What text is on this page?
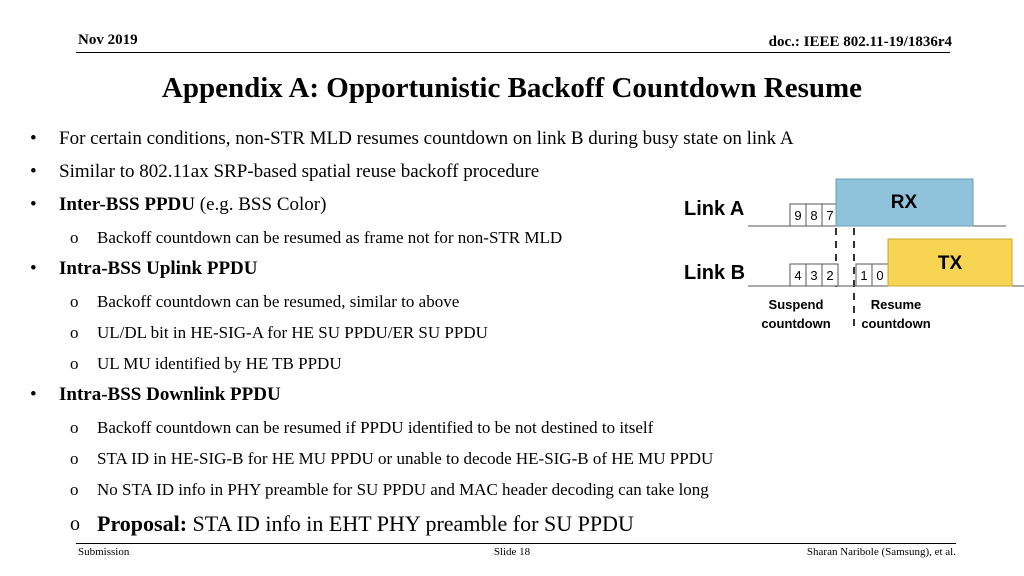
Nov 2019	doc.: IEEE 802.11-19/1836r4
Appendix A: Opportunistic Backoff Countdown Resume
• For certain conditions, non-STR MLD resumes countdown on link B during busy state on link A
• Similar to 802.11ax SRP-based spatial reuse backoff procedure
• Inter-BSS PPDU (e.g. BSS Color)
o Backoff countdown can be resumed as frame not for non-STR MLD
• Intra-BSS Uplink PPDU
o Backoff countdown can be resumed, similar to above
o UL/DL bit in HE-SIG-A for HE SU PPDU/ER SU PPDU
o UL MU identified by HE TB PPDU
• Intra-BSS Downlink PPDU
o Backoff countdown can be resumed if PPDU identified to be not destined to itself
o STA ID in HE-SIG-B for HE MU PPDU or unable to decode HE-SIG-B of HE MU PPDU
o No STA ID info in PHY preamble for SU PPDU and MAC header decoding can take long
o Proposal: STA ID info in EHT PHY preamble for SU PPDU
Link A	9 8 7
RX
Link B	4 3 2 1 0
TX
Suspend
countdown
Resume
countdown
Submission	Slide 18	Sharan Naribole (Samsung), et al.
